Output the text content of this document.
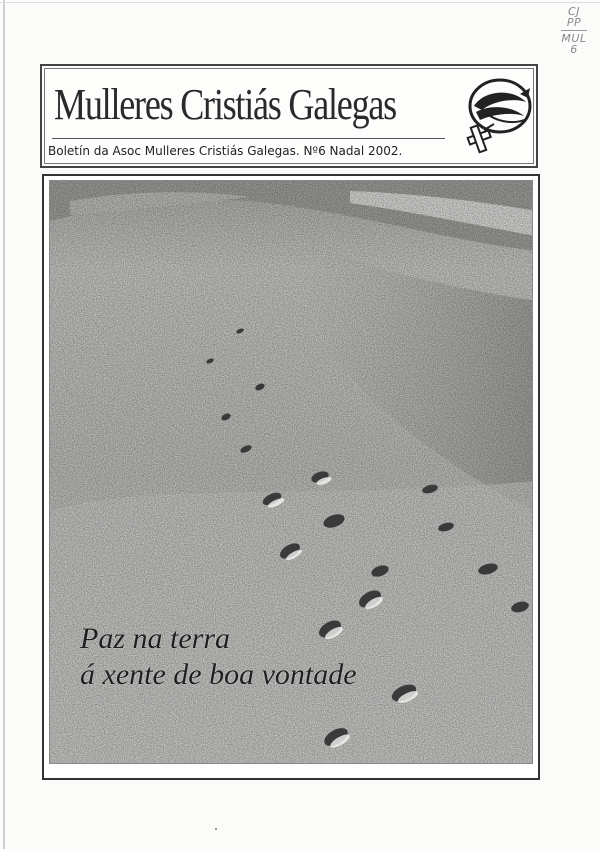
CJ
PP
MUL
6
Mulleres Cristiás Galegas
Boletín da Asoc Mulleres Cristiás Galegas. Nº6 Nadal 2002.
Paz na terra
á xente de boa vontade
